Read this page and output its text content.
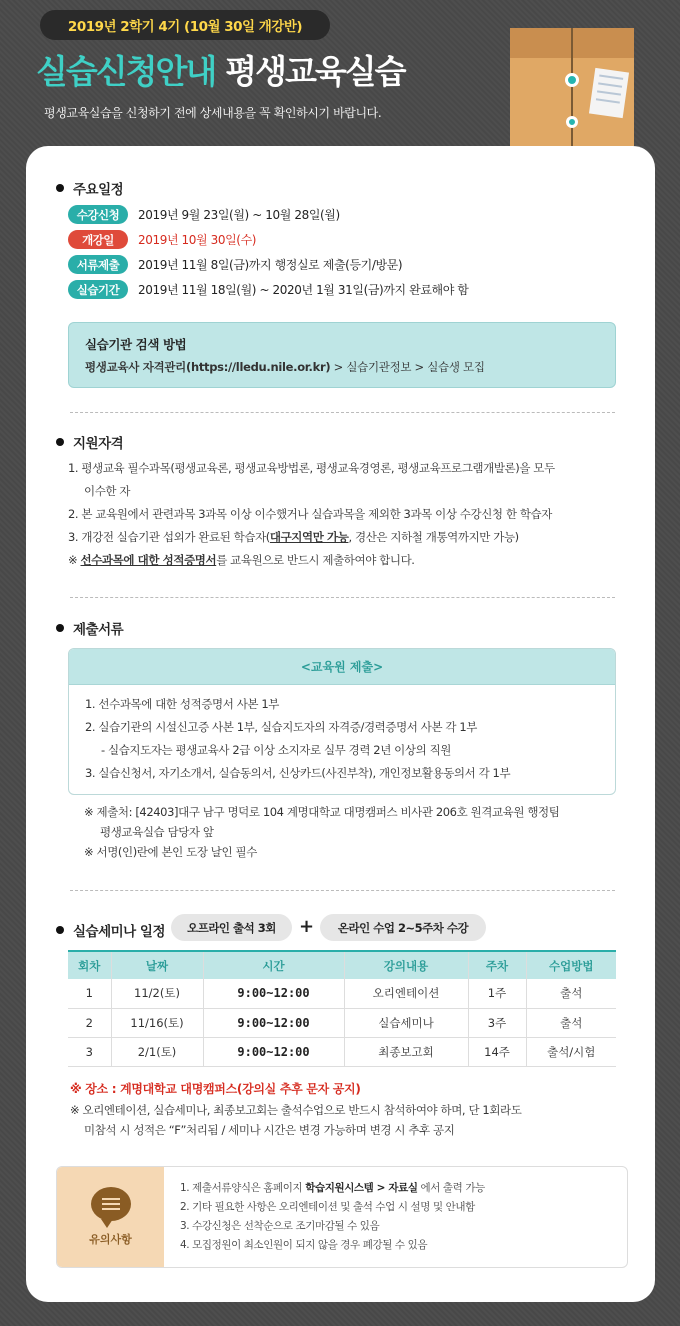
2019년 2학기 4기 (10월 30일 개강반)
실습신청안내 평생교육실습
평생교육실습을 신청하기 전에 상세내용을 꼭 확인하시기 바랍니다.
주요일정
수강신청	2019년 9월 23일(월) ~ 10월 28일(월)
개강일	2019년 10월 30일(수)
서류제출	2019년 11월 8일(금)까지 행정실로 제출(등기/방문)
실습기간	2019년 11월 18일(월) ~ 2020년 1월 31일(금)까지 완료해야 함
실습기관 검색 방법
평생교육사 자격관리(https://lledu.nile.or.kr) > 실습기관정보 > 실습생 모집
지원자격
1. 평생교육 필수과목(평생교육론, 평생교육방법론, 평생교육경영론, 평생교육프로그램개발론)을 모두
이수한 자
2. 본 교육원에서 관련과목 3과목 이상 이수했거나 실습과목을 제외한 3과목 이상 수강신청 한 학습자
3. 개강전 실습기관 섭외가 완료된 학습자(대구지역만 가능, 경산은 지하철 개통역까지만 가능)
※ 선수과목에 대한 성적증명서를 교육원으로 반드시 제출하여야 합니다.
제출서류
<교육원 제출>
1. 선수과목에 대한 성적증명서 사본 1부
2. 실습기관의 시설신고증 사본 1부, 실습지도자의 자격증/경력증명서 사본 각 1부
- 실습지도자는 평생교육사 2급 이상 소지자로 실무 경력 2년 이상의 직원
3. 실습신청서, 자기소개서, 실습동의서, 신상카드(사진부착), 개인정보활용동의서 각 1부
※ 제출처: [42403]대구 남구 명덕로 104 계명대학교 대명캠퍼스 비사관 206호 원격교육원 행정팀
평생교육실습 담당자 앞
※ 서명(인)란에 본인 도장 날인 필수
실습세미나 일정	오프라인 출석 3회	+	온라인 수업 2~5주차 수강
회차	날짜	시간	강의내용	주차	수업방법
1	11/2(토)	9:00~12:00	오리엔테이션	1주	출석
2	11/16(토)	9:00~12:00	실습세미나	3주	출석
3	2/1(토)	9:00~12:00	최종보고회	14주	출석/시험
※ 장소 : 계명대학교 대명캠퍼스(강의실 추후 문자 공지)
※ 오리엔테이션, 실습세미나, 최종보고회는 출석수업으로 반드시 참석하여야 하며, 단 1회라도
미참석 시 성적은 “F”처리됨 / 세미나 시간은 변경 가능하며 변경 시 추후 공지
유의사항
1. 제출서류양식은 홈페이지 학습지원시스템 > 자료실 에서 출력 가능
2. 기타 필요한 사항은 오리엔테이션 및 출석 수업 시 설명 및 안내함
3. 수강신청은 선착순으로 조기마감될 수 있음
4. 모집정원이 최소인원이 되지 않을 경우 폐강될 수 있음
